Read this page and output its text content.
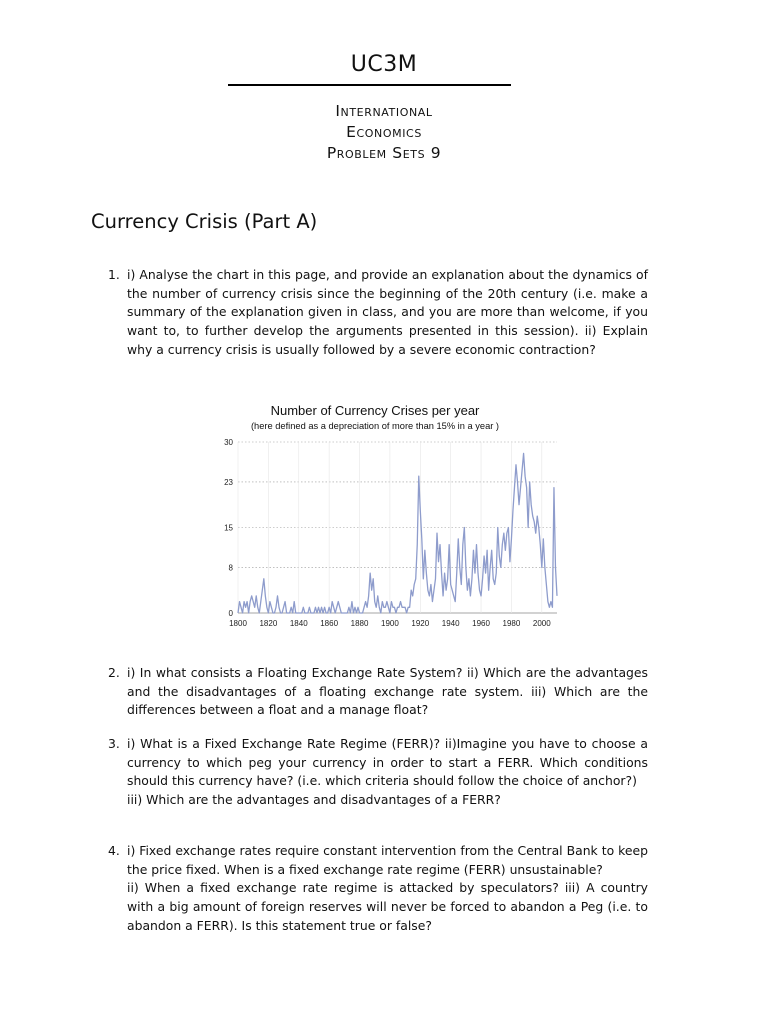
UC3M
International
Economics
Problem Sets 9
Currency Crisis (Part A)
1. i) Analyse the chart in this page, and provide an explanation about the dynamics of the number of currency crisis since the beginning of the 20th century (i.e. make a summary of the explanation given in class, and you are more than welcome, if you want to, to further develop the arguments presented in this session). ii) Explain why a currency crisis is usually followed by a severe economic contraction?

Number of Currency Crises per year
(here defined as a depreciation of more than 15% in a year )
0
8
15
23
30
1800 1820 1840 1860 1880 1900 1920 1940 1960 1980 2000
2. i) In what consists a Floating Exchange Rate System? ii) Which are the advantages and the disadvantages of a floating exchange rate system. iii) Which are the differences between a float and a manage float?

3. i) What is a Fixed Exchange Rate Regime (FERR)? ii)Imagine you have to choose a currency to which peg your currency in order to start a FERR. Which conditions should this currency have? (i.e. which criteria should follow the choice of anchor?)

iii) Which are the advantages and disadvantages of a FERR?

4. i) Fixed exchange rates require constant intervention from the Central Bank to keep the price fixed. When is a fixed exchange rate regime (FERR) unsustainable?

ii) When a fixed exchange rate regime is attacked by speculators? iii) A country with a big amount of foreign reserves will never be forced to abandon a Peg (i.e. to abandon a FERR). Is this statement true or false?
